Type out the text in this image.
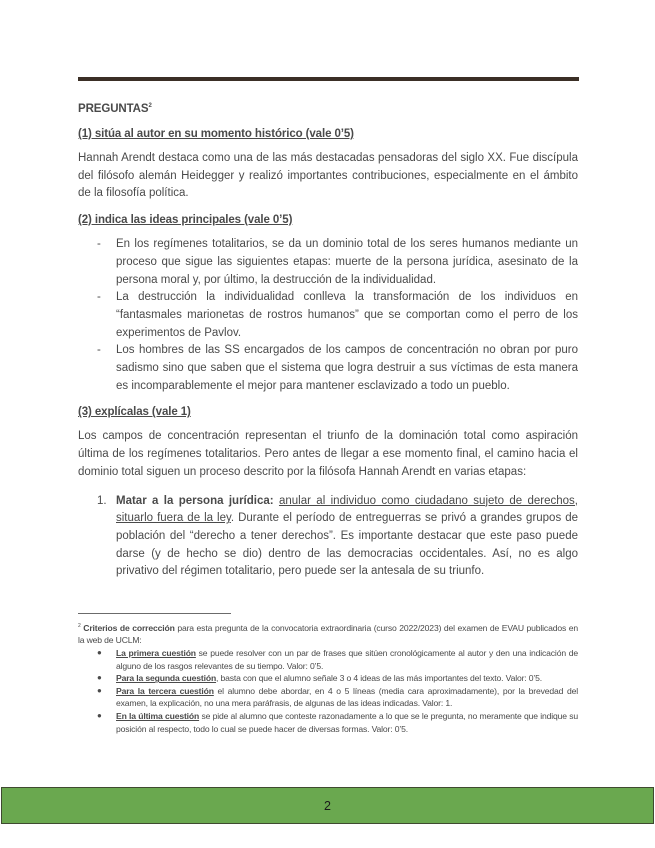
PREGUNTAS$^2$
(1) sitúa al autor en su momento histórico (vale 0’5)

Hannah Arendt destaca como una de las más destacadas pensadoras del siglo XX. Fue discípula del filósofo alemán Heidegger y realizó importantes contribuciones, especialmente en el ámbito de la filosofía política.

(2) indica las ideas principales (vale 0’5)
- En los regímenes totalitarios, se da un dominio total de los seres humanos mediante un proceso que sigue las siguientes etapas: muerte de la persona jurídica, asesinato de la persona moral y, por último, la destrucción de la individualidad.
- La destrucción la individualidad conlleva la transformación de los individuos en “fantasmales marionetas de rostros humanos” que se comportan como el perro de los experimentos de Pavlov.
- Los hombres de las SS encargados de los campos de concentración no obran por puro sadismo sino que saben que el sistema que logra destruir a sus víctimas de esta manera es incomparablemente el mejor para mantener esclavizado a todo un pueblo.
(3) explícalas (vale 1)

Los campos de concentración representan el triunfo de la dominación total como aspiración última de los regímenes totalitarios. Pero antes de llegar a ese momento final, el camino hacia el dominio total siguen un proceso descrito por la filósofa Hannah Arendt en varias etapas:

1. Matar a la persona jurídica: anular al individuo como ciudadano sujeto de derechos, situarlo fuera de la ley. Durante el período de entreguerras se privó a grandes grupos de población del “derecho a tener derechos”. Es importante destacar que este paso puede darse (y de hecho se dio) dentro de las democracias occidentales. Así, no es algo privativo del régimen totalitario, pero puede ser la antesala de su triunfo.

$^2$ Criterios de corrección para esta pregunta de la convocatoria extraordinaria (curso 2022/2023) del examen de EVAU publicados en la web de UCLM:

● La primera cuestión se puede resolver con un par de frases que sitúen cronológicamente al autor y den una indicación de alguno de los rasgos relevantes de su tiempo. Valor: 0’5.
● Para la segunda cuestión, basta con que el alumno señale 3 o 4 ideas de las más importantes del texto. Valor: 0’5.
● Para la tercera cuestión el alumno debe abordar, en 4 o 5 líneas (media cara aproximadamente), por la brevedad del examen, la explicación, no una mera paráfrasis, de algunas de las ideas indicadas. Valor: 1.
● En la última cuestión se pide al alumno que conteste razonadamente a lo que se le pregunta, no meramente que indique su posición al respecto, todo lo cual se puede hacer de diversas formas. Valor: 0’5.
2
